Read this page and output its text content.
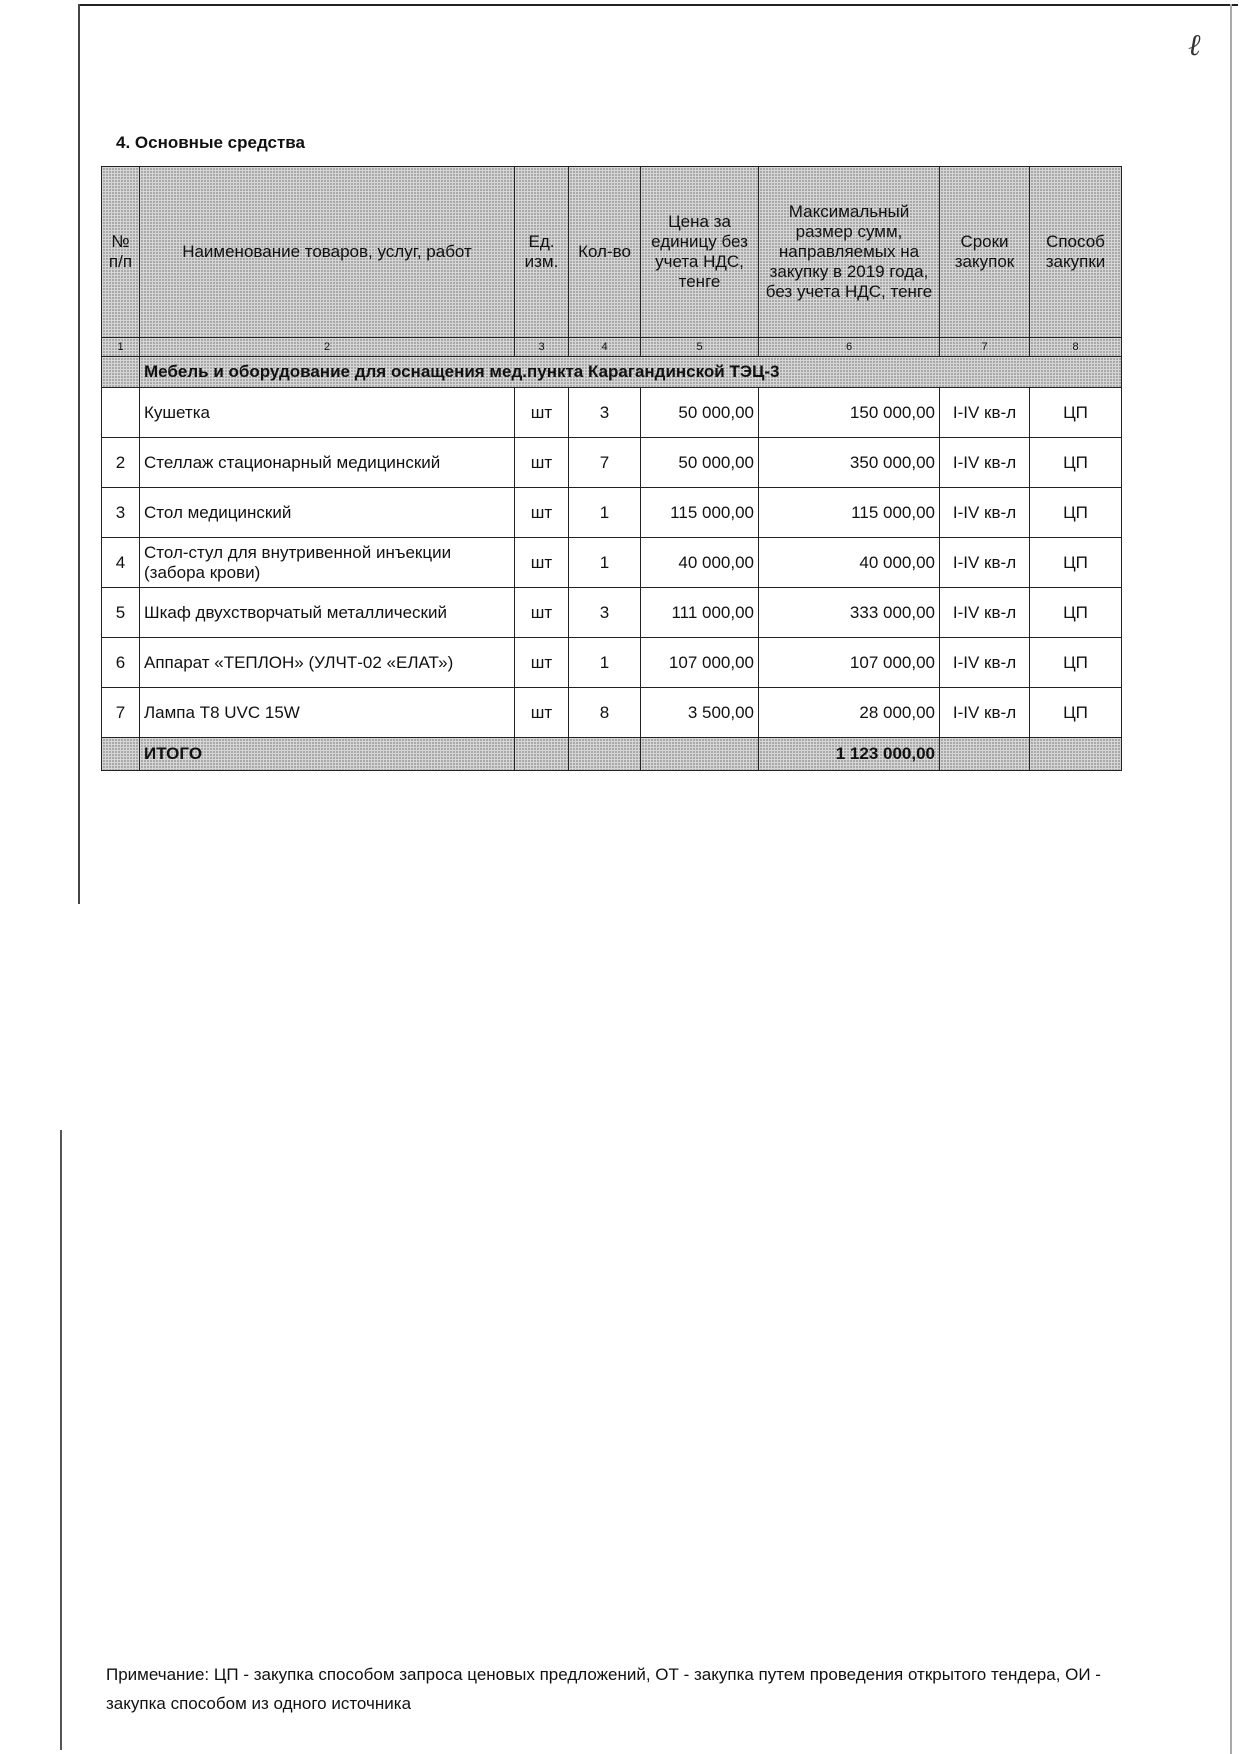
ℓ
4. Основные средства
№ п/п	Наименование товаров, услуг, работ	Ед. изм.	Кол-во	Цена за единицу без учета НДС, тенге	Максимальный размер сумм, направляемых на закупку в 2019 года, без учета НДС, тенге	Сроки закупок	Способ закупки
1	2	3	4	5	6	7	8
	Мебель и оборудование для оснащения мед.пункта Карагандинской ТЭЦ-3						
	Кушетка	шт	3	50 000,00	150 000,00	I-IV кв-л	ЦП
2	Стеллаж стационарный медицинский	шт	7	50 000,00	350 000,00	I-IV кв-л	ЦП
3	Стол медицинский	шт	1	115 000,00	115 000,00	I-IV кв-л	ЦП
4	Стол-стул для внутривенной инъекции (забора крови)	шт	1	40 000,00	40 000,00	I-IV кв-л	ЦП
5	Шкаф двухстворчатый металлический	шт	3	111 000,00	333 000,00	I-IV кв-л	ЦП
6	Аппарат «ТЕПЛОН» (УЛЧТ-02 «ЕЛАТ»)	шт	1	107 000,00	107 000,00	I-IV кв-л	ЦП
7	Лампа Т8 UVC 15W	шт	8	3 500,00	28 000,00	I-IV кв-л	ЦП
	ИТОГО				1 123 000,00		
Примечание: ЦП - закупка способом запроса ценовых предложений, ОТ - закупка путем проведения открытого тендера, ОИ - закупка способом из одного источника
